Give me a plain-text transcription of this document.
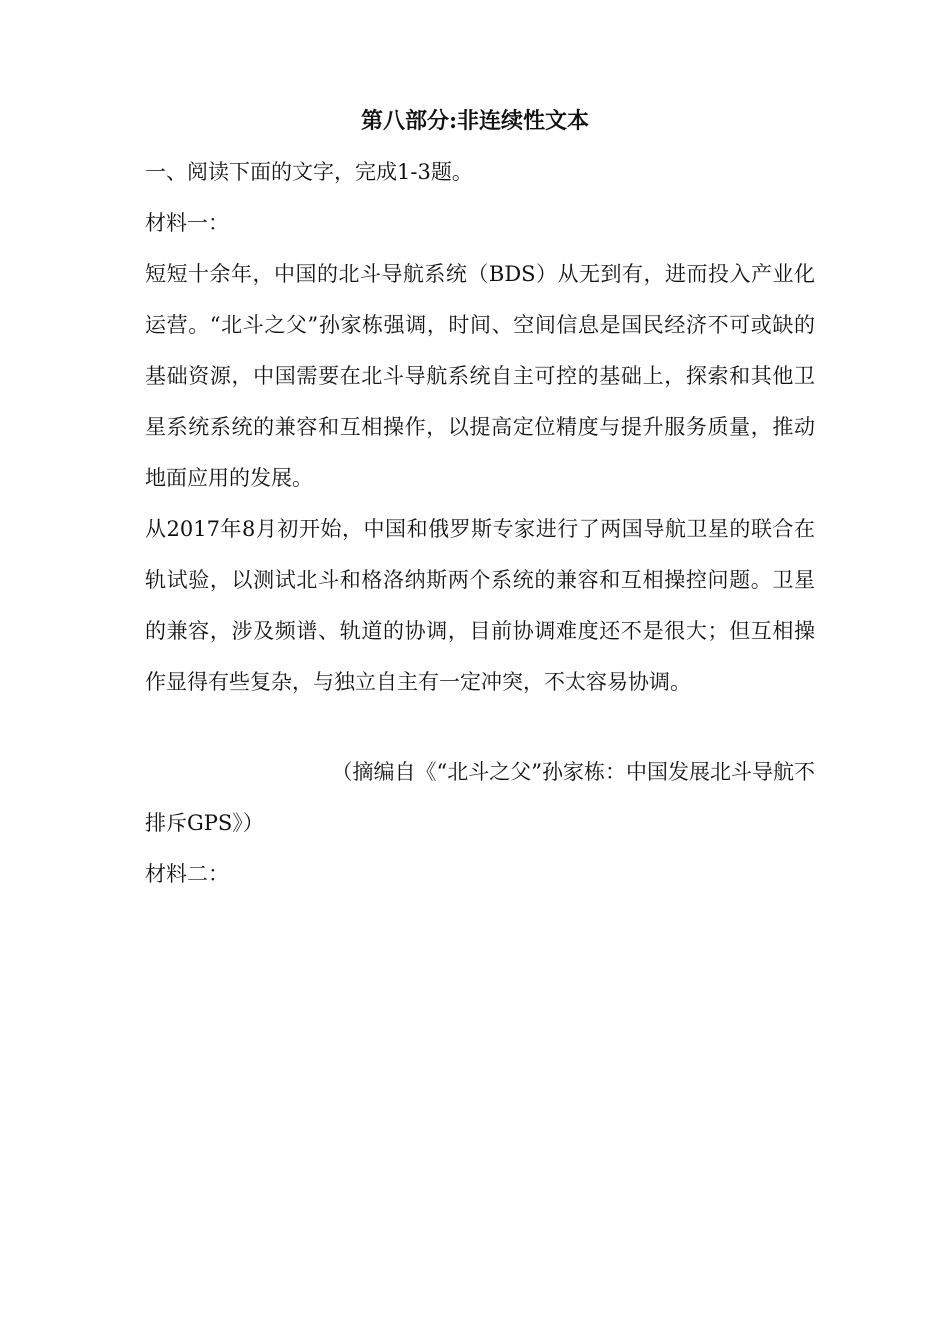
第八部分:非连续性文本
一、阅读下面的文字，完成1-3题。
材料一：
短短十余年，中国的北斗导航系统（BDS）从无到有，进而投入产业化运营。“北斗之父”孙家栋强调，时间、空间信息是国民经济不可或缺的基础资源，中国需要在北斗导航系统自主可控的基础上，探索和其他卫星系统系统的兼容和互相操作，以提高定位精度与提升服务质量，推动地面应用的发展。
从2017年8月初开始，中国和俄罗斯专家进行了两国导航卫星的联合在轨试验，以测试北斗和格洛纳斯两个系统的兼容和互相操控问题。卫星的兼容，涉及频谱、轨道的协调，目前协调难度还不是很大；但互相操作显得有些复杂，与独立自主有一定冲突，不太容易协调。
（摘编自《“北斗之父”孙家栋：中国发展北斗导航不
排斥GPS》）
材料二：
